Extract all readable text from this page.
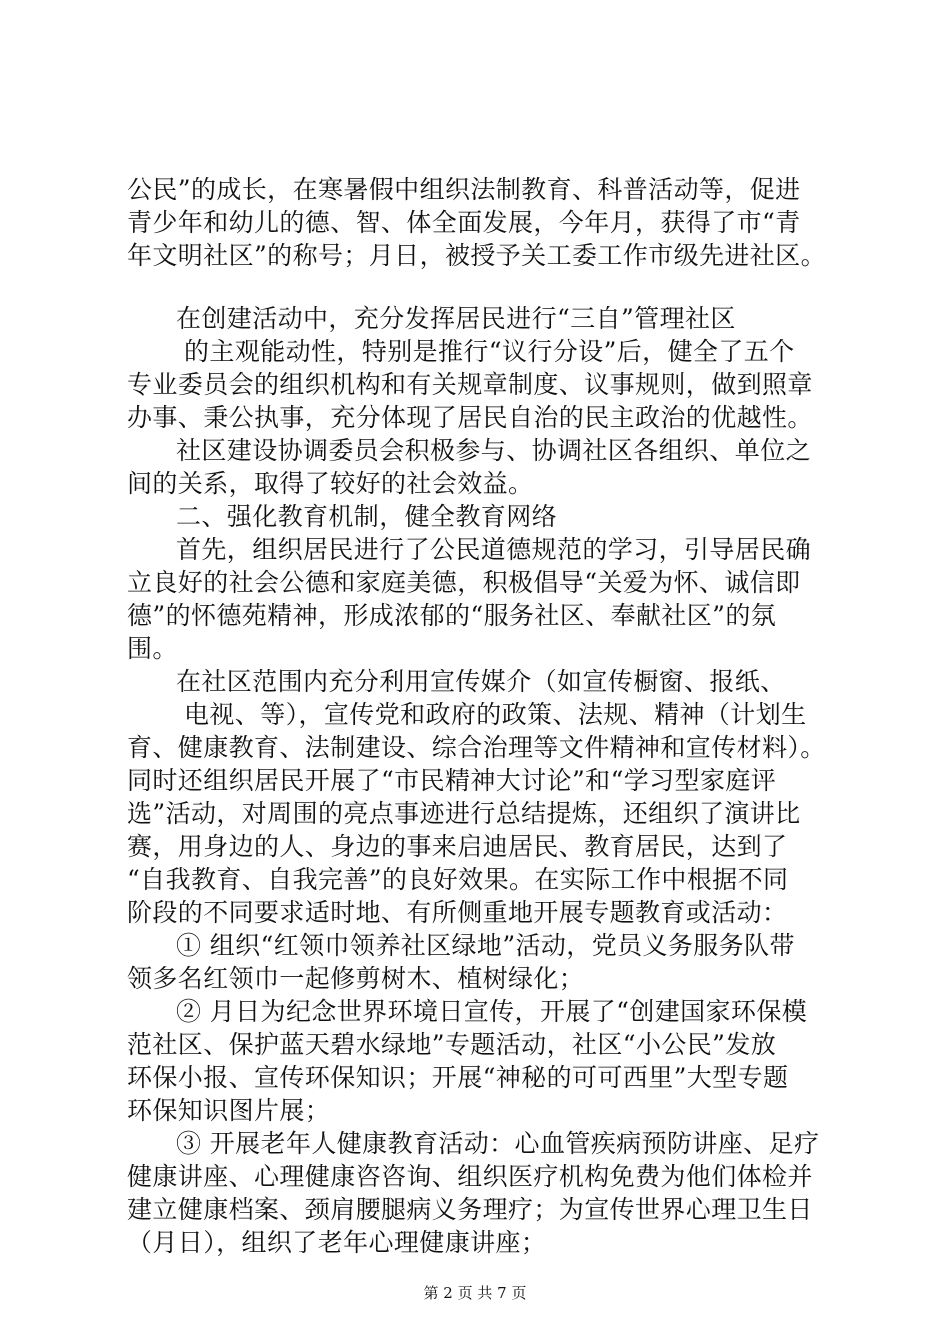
公民”的成长，在寒暑假中组织法制教育、科普活动等，促进
青少年和幼儿的德、智、体全面发展，今年月，获得了市“青
年文明社区”的称号；月日，被授予关工委工作市级先进社区。
在创建活动中，充分发挥居民进行“三自”管理社区
的主观能动性，特别是推行“议行分设”后，健全了五个
专业委员会的组织机构和有关规章制度、议事规则，做到照章
办事、秉公执事，充分体现了居民自治的民主政治的优越性。
社区建设协调委员会积极参与、协调社区各组织、单位之
间的关系，取得了较好的社会效益。
二、强化教育机制，健全教育网络
首先，组织居民进行了公民道德规范的学习，引导居民确
立良好的社会公德和家庭美德，积极倡导“关爱为怀、诚信即
德”的怀德苑精神，形成浓郁的“服务社区、奉献社区”的氛
围。
在社区范围内充分利用宣传媒介（如宣传橱窗、报纸、
电视、等），宣传党和政府的政策、法规、精神（计划生
育、健康教育、法制建设、综合治理等文件精神和宣传材料）。
同时还组织居民开展了“市民精神大讨论”和“学习型家庭评
选”活动，对周围的亮点事迹进行总结提炼，还组织了演讲比
赛，用身边的人、身边的事来启迪居民、教育居民，达到了
“自我教育、自我完善”的良好效果。在实际工作中根据不同
阶段的不同要求适时地、有所侧重地开展专题教育或活动：
① 组织“红领巾领养社区绿地”活动，党员义务服务队带
领多名红领巾一起修剪树木、植树绿化；
② 月日为纪念世界环境日宣传，开展了“创建国家环保模
范社区、保护蓝天碧水绿地”专题活动，社区“小公民”发放
环保小报、宣传环保知识；开展“神秘的可可西里”大型专题
环保知识图片展；
③ 开展老年人健康教育活动：心血管疾病预防讲座、足疗
健康讲座、心理健康咨咨询、组织医疗机构免费为他们体检并
建立健康档案、颈肩腰腿病义务理疗；为宣传世界心理卫生日
（月日），组织了老年心理健康讲座；
第 2 页 共 7 页
